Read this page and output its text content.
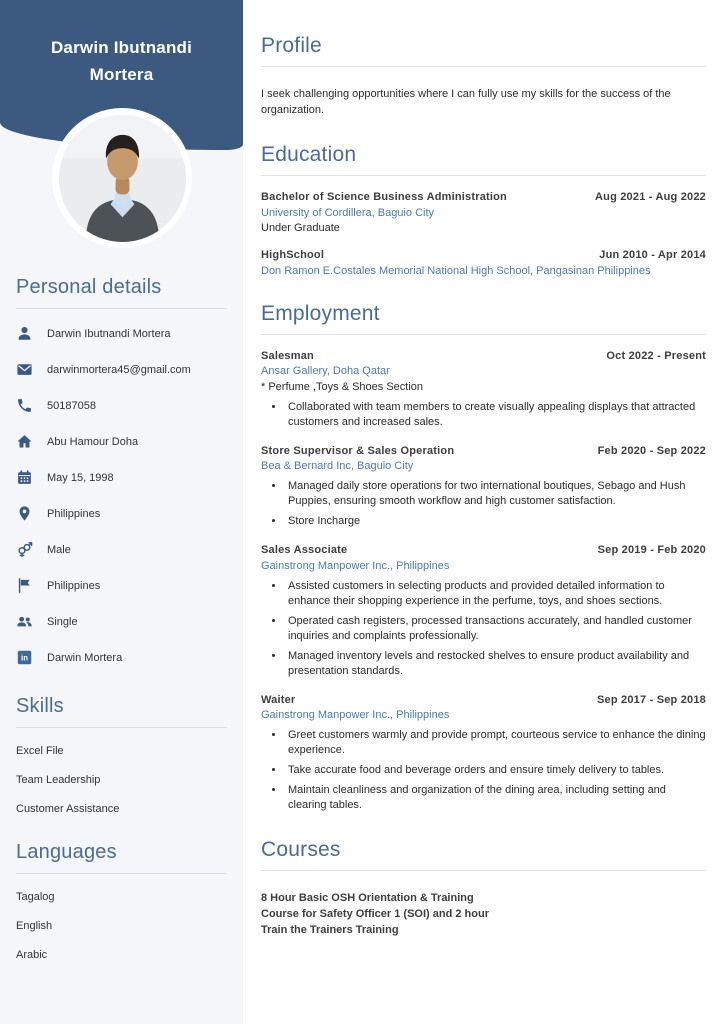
Darwin Ibutnandi Mortera
Personal details
Darwin Ibutnandi Mortera
darwinmortera45@gmail.com
50187058
Abu Hamour Doha
May 15, 1998
Philippines
Male
Philippines
Single
in Darwin Mortera
Skills
Excel File
Team Leadership
Customer Assistance
Languages
Tagalog
English
Arabic
Profile

I seek challenging opportunities where I can fully use my skills for the success of the organization.

Education
Bachelor of Science Business Administration	Aug 2021 - Aug 2022
University of Cordillera, Baguio City
Under Graduate
HighSchool	Jun 2010 - Apr 2014
Don Ramon E.Costales Memorial National High School, Pangasinan Philippines
Employment
Salesman	Oct 2022 - Present
Ansar Gallery, Doha Qatar
* Perfume ,Toys & Shoes Section
• Collaborated with team members to create visually appealing displays that attracted customers and increased sales.
Store Supervisor & Sales Operation	Feb 2020 - Sep 2022
Bea & Bernard Inc, Baguio City
• Managed daily store operations for two international boutiques, Sebago and Hush Puppies, ensuring smooth workflow and high customer satisfaction.
• Store Incharge
Sales Associate	Sep 2019 - Feb 2020
Gainstrong Manpower Inc., Philippines
• Assisted customers in selecting products and provided detailed information to enhance their shopping experience in the perfume, toys, and shoes sections.
• Operated cash registers, processed transactions accurately, and handled customer inquiries and complaints professionally.
• Managed inventory levels and restocked shelves to ensure product availability and presentation standards.
Waiter	Sep 2017 - Sep 2018
Gainstrong Manpower Inc., Philippines
• Greet customers warmly and provide prompt, courteous service to enhance the dining experience.
• Take accurate food and beverage orders and ensure timely delivery to tables.
• Maintain cleanliness and organization of the dining area, including setting and clearing tables.
Courses
8 Hour Basic OSH Orientation & Training
Course for Safety Officer 1 (SOI) and 2 hour
Train the Trainers Training
